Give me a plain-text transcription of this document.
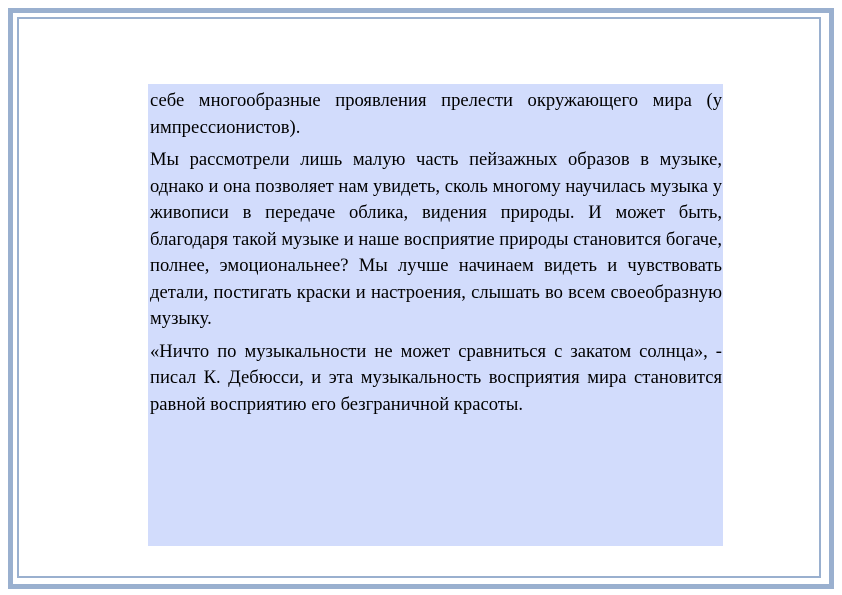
себе многообразные проявления прелести окружающего мира (у импрессионистов).

Мы рассмотрели лишь малую часть пейзажных образов в музыке, однако и она позволяет нам увидеть, сколь многому научилась музыка у живописи в передаче облика, видения природы. И может быть, благодаря такой музыке и наше восприятие природы становится богаче, полнее, эмоциональнее? Мы лучше начинаем видеть и чувствовать детали, постигать краски и настроения, слышать во всем своеобразную музыку.

«Ничто по музыкальности не может сравниться с закатом солнца», - писал К. Дебюсси, и эта музыкальность восприятия мира становится равной восприятию его безграничной красоты.
